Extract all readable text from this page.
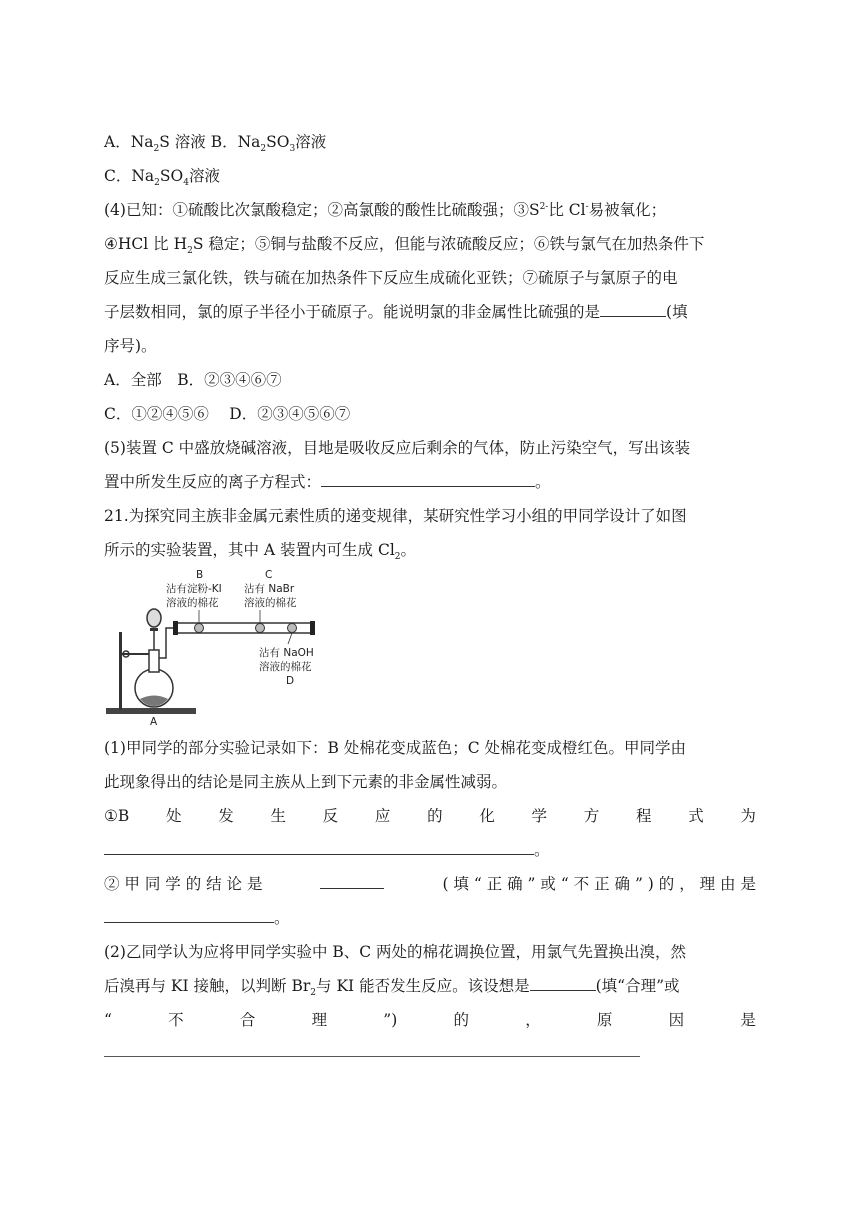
A．$Na_2S$ 溶液 B．$Na_2SO_3$溶液
C．$Na_2SO_4$溶液
(4)已知：①硫酸比次氯酸稳定；②高氯酸的酸性比硫酸强；$③S^{2-}$比 Cl-易被氧化；
④HCl 比 $H_2S$ 稳定；⑤铜与盐酸不反应，但能与浓硫酸反应；⑥铁与氯气在加热条件下
反应生成三氯化铁，铁与硫在加热条件下反应生成硫化亚铁；⑦硫原子与氯原子的电
子层数相同，氯的原子半径小于硫原子。能说明氯的非金属性比硫强的是	(填
序号)。
A．全部　B．②③④⑥⑦
C．①②④⑤⑥　 D．②③④⑤⑥⑦
(5)装置 C 中盛放烧碱溶液，目地是吸收反应后剩余的气体，防止污染空气，写出该装
置中所发生反应的离子方程式：	。
21.为探究同主族非金属元素性质的递变规律，某研究性学习小组的甲同学设计了如图
所示的实验装置，其中 A 装置内可生成 $Cl_2$。
B
沾有淀粉-KI
溶液的棉花
C
沾有 NaBr
溶液的棉花
沾有 NaOH
溶液的棉花
D
A
(1)甲同学的部分实验记录如下：B 处棉花变成蓝色；C 处棉花变成橙红色。甲同学由
此现象得出的结论是同主族从上到下元素的非金属性减弱。
①B 处 发 生 反 应 的 化 学 方 程 式 为
。
② 甲 同 学 的 结 论 是	( 填 “ 正 确 ” 或 “ 不 正 确 ” ) 的 ， 理 由 是
。
(2)乙同学认为应将甲同学实验中 B、C 两处的棉花调换位置，用氯气先置换出溴，然
后溴再与 KI 接触，以判断 $Br_2$与 KI 能否发生反应。该设想是	(填“合理”或
“	不	合	理	”)	的	，	原	因	是
